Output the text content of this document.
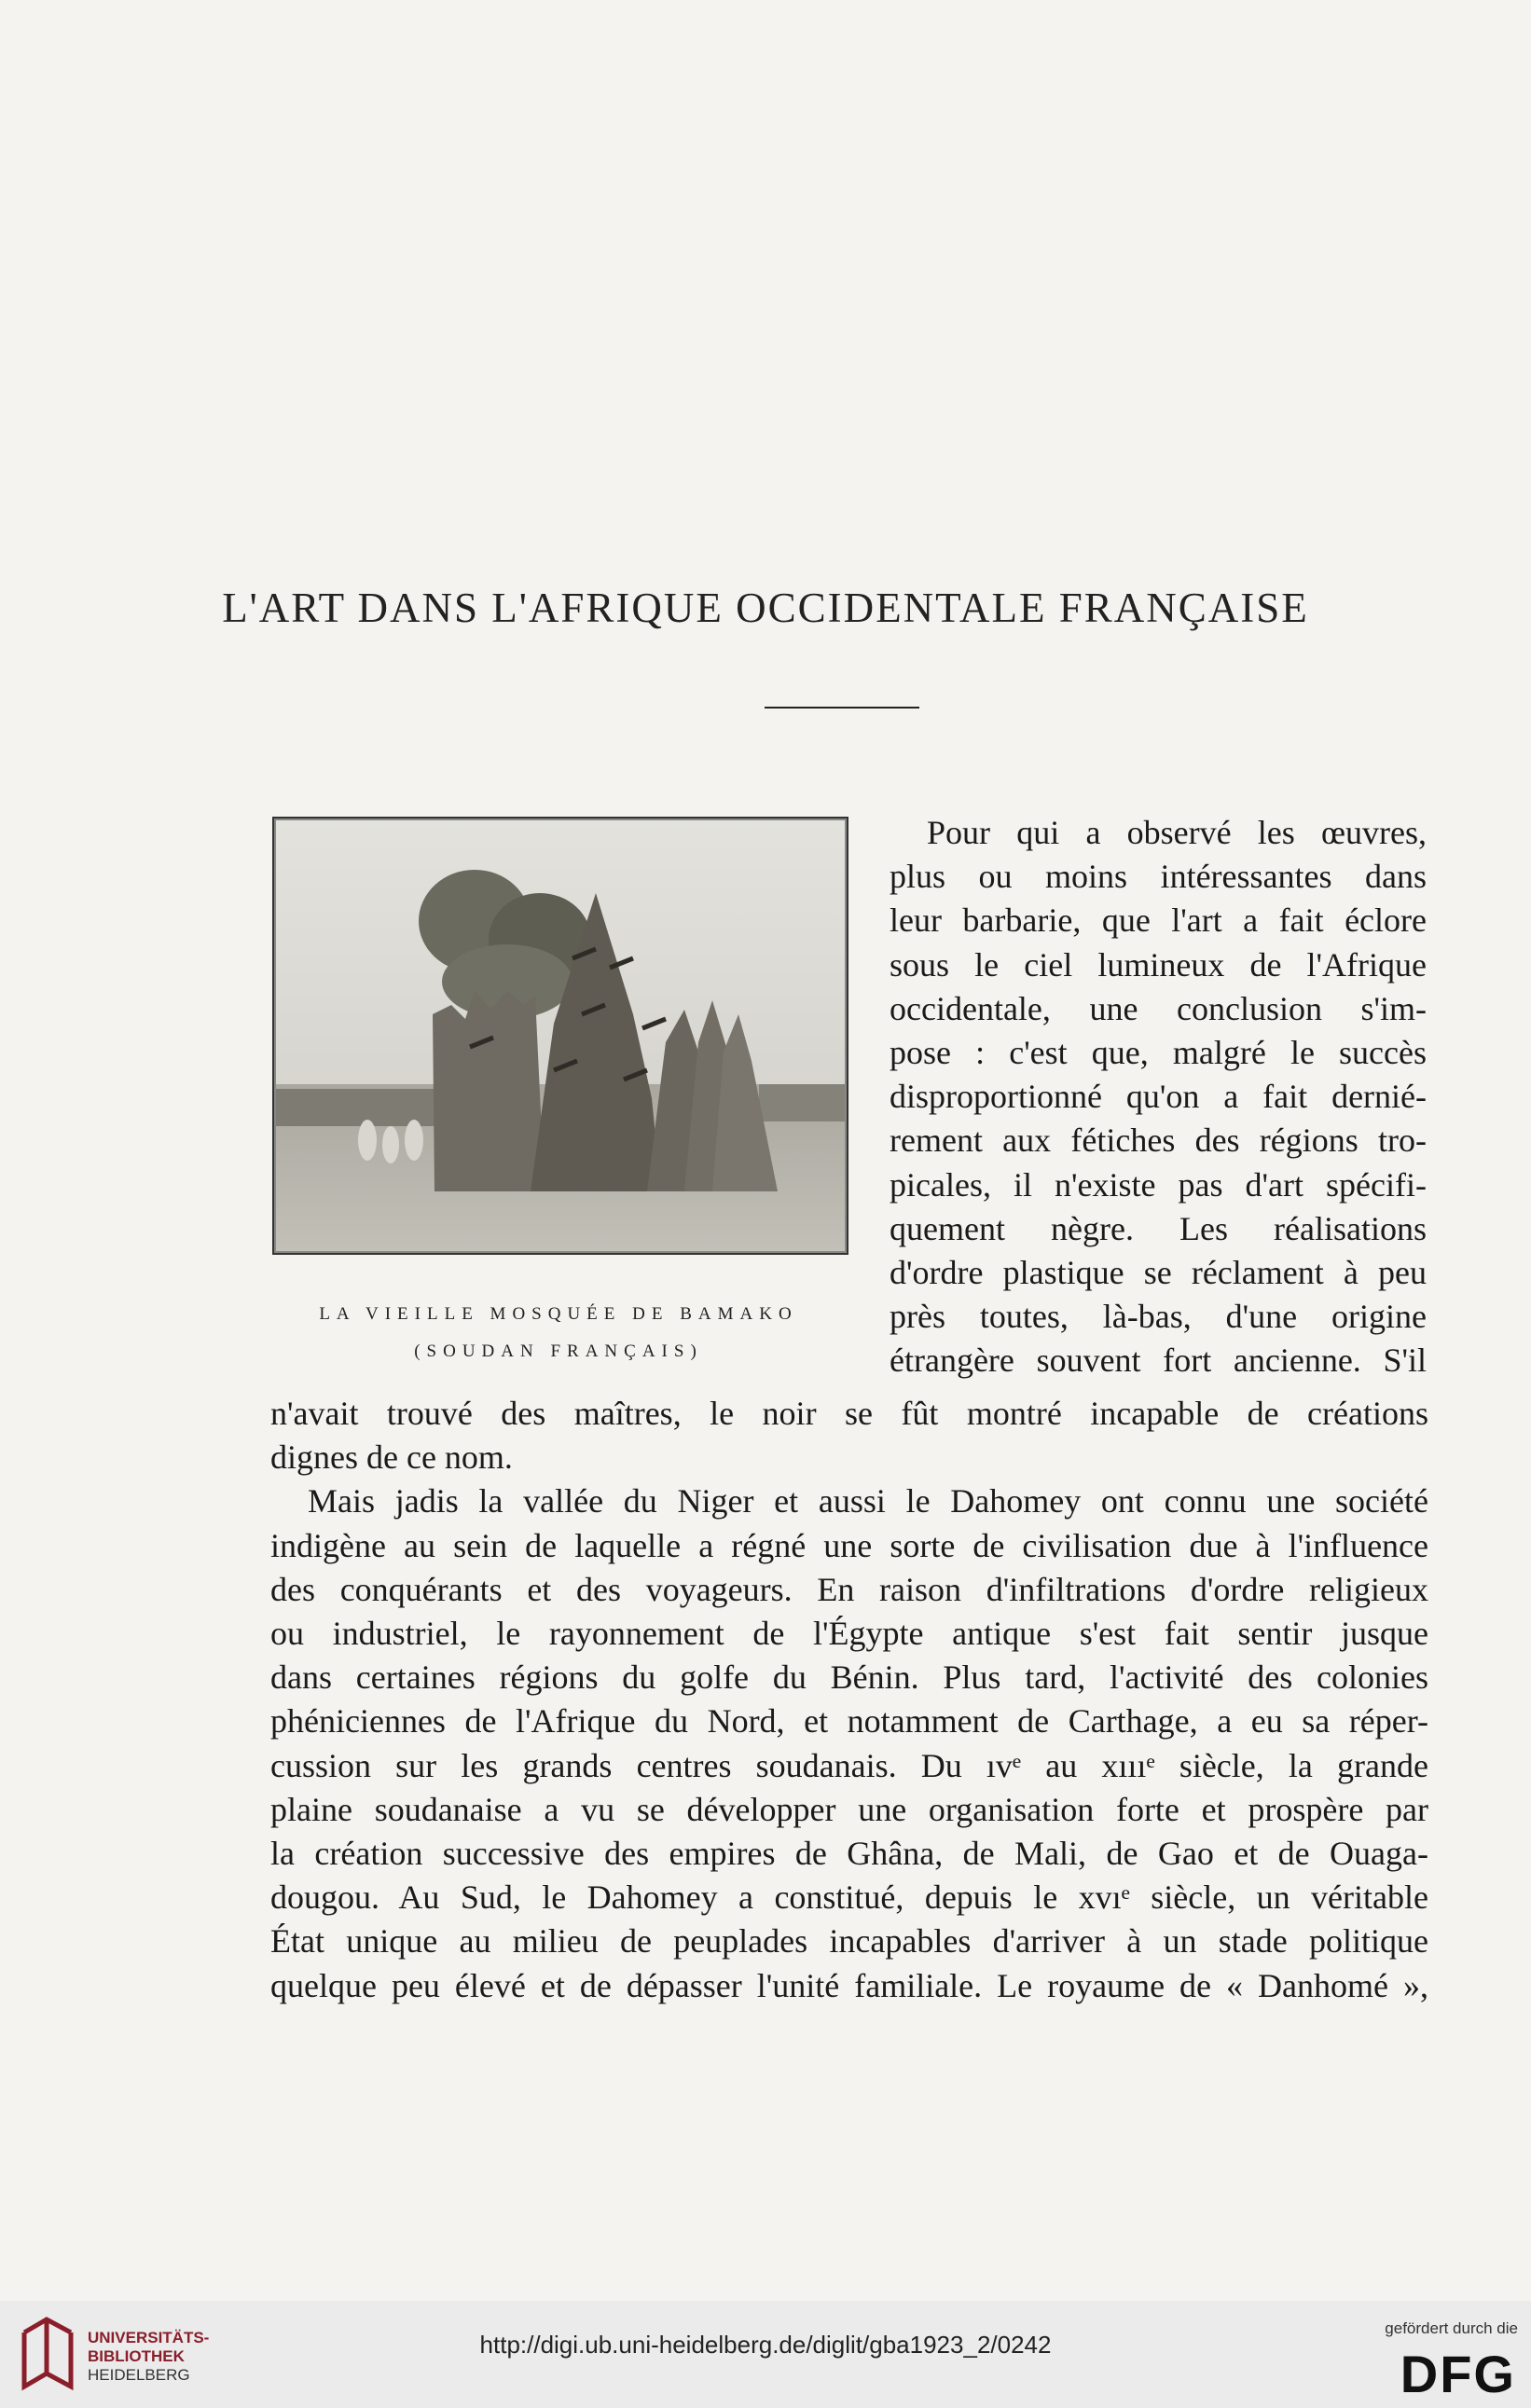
L'ART DANS L'AFRIQUE OCCIDENTALE FRANÇAISE
LA VIEILLE MOSQUÉE DE BAMAKO
(SOUDAN FRANÇAIS)
Pour qui a observé les œuvres,
plus ou moins intéressantes dans
leur barbarie, que l'art a fait éclore
sous le ciel lumineux de l'Afrique
occidentale, une conclusion s'im-
pose : c'est que, malgré le succès
disproportionné qu'on a fait dernié-
rement aux fétiches des régions tro-
picales, il n'existe pas d'art spécifi-
quement nègre. Les réalisations
d'ordre plastique se réclament à peu
près toutes, là-bas, d'une origine
étrangère souvent fort ancienne. S'il
n'avait trouvé des maîtres, le noir se fût montré incapable de créations
dignes de ce nom.
Mais jadis la vallée du Niger et aussi le Dahomey ont connu une société
indigène au sein de laquelle a régné une sorte de civilisation due à l'influence
des conquérants et des voyageurs. En raison d'infiltrations d'ordre religieux
ou industriel, le rayonnement de l'Égypte antique s'est fait sentir jusque
dans certaines régions du golfe du Bénin. Plus tard, l'activité des colonies
phéniciennes de l'Afrique du Nord, et notamment de Carthage, a eu sa réper-
cussion sur les grands centres soudanais. Du ıvᵉ au xıııᵉ siècle, la grande
plaine soudanaise a vu se développer une organisation forte et prospère par
la création successive des empires de Ghâna, de Mali, de Gao et de Ouaga-
dougou. Au Sud, le Dahomey a constitué, depuis le xvıᵉ siècle, un véritable
État unique au milieu de peuplades incapables d'arriver à un stade politique
quelque peu élevé et de dépasser l'unité familiale. Le royaume de « Danhomé »,
UNIVERSITÄTS-
BIBLIOTHEK
HEIDELBERG
http://digi.ub.uni-heidelberg.de/diglit/gba1923_2/0242
gefördert durch die
DFG
